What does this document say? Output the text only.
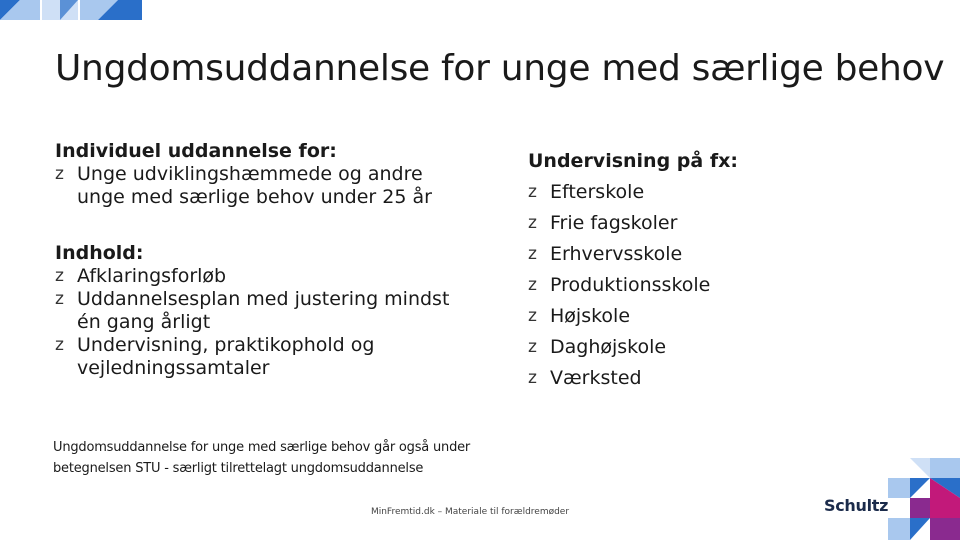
Ungdomsuddannelse for unge med særlige behov

Individuel uddannelse for:

z Unge udviklingshæmmede og andre unge med særlige behov under 25 år

Indhold:

z Afklaringsforløb
z Uddannelsesplan med justering mindst én gang årligt
z Undervisning, praktikophold og vejledningssamtaler

Undervisning på fx:

z Efterskole
z Frie fagskoler
z Erhvervsskole
z Produktionsskole
z Højskole
z Daghøjskole
z Værksted
Ungdomsuddannelse for unge med særlige behov går også under betegnelsen STU - særligt tilrettelagt ungdomsuddannelse
MinFremtid.dk – Materiale til forældremøder	Schultz
